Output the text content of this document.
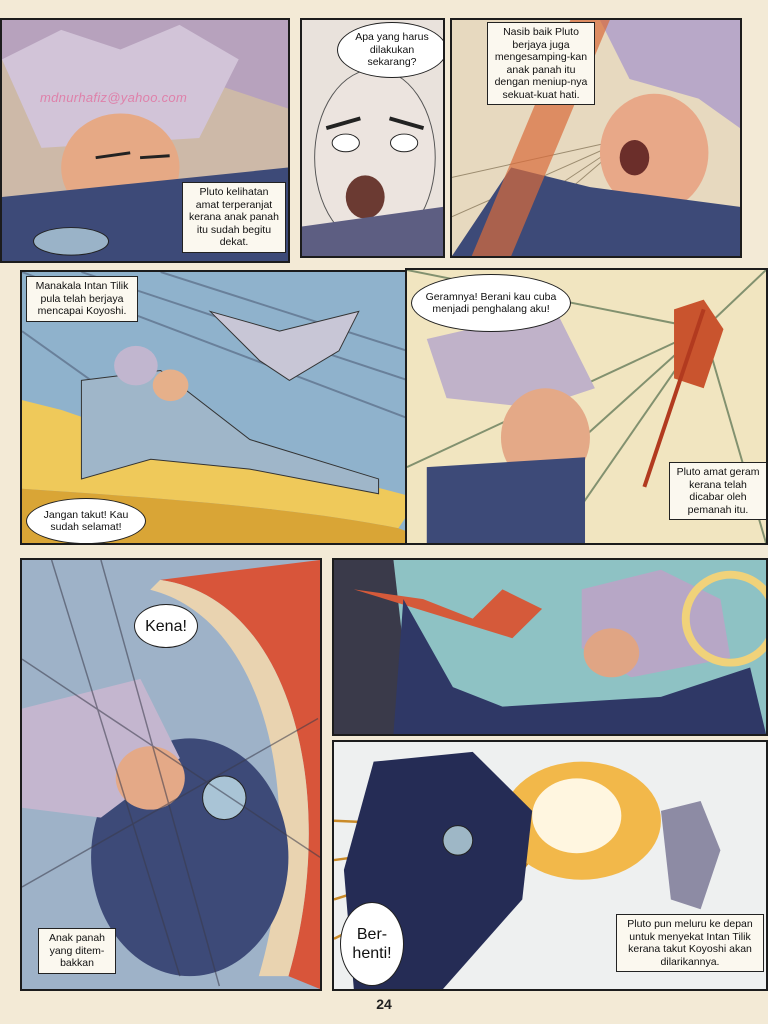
mdnurhafiz@yahoo.com
Pluto kelihatan amat terperanjat kerana anak panah itu sudah begitu dekat.
Apa yang harus dilakukan sekarang?
Nasib baik Pluto berjaya juga mengesamping-kan anak panah itu dengan meniup-nya sekuat-kuat hati.
Manakala Intan Tilik pula telah berjaya mencapai Koyoshi.
Jangan takut! Kau sudah selamat!
Geramnya! Berani kau cuba menjadi penghalang aku!
Pluto amat geram kerana telah dicabar oleh pemanah itu.
Kena!
Anak panah yang ditem-bakkan
Ber-henti!
Pluto pun meluru ke depan untuk menyekat Intan Tilik kerana takut Koyoshi akan dilarikannya.
24
